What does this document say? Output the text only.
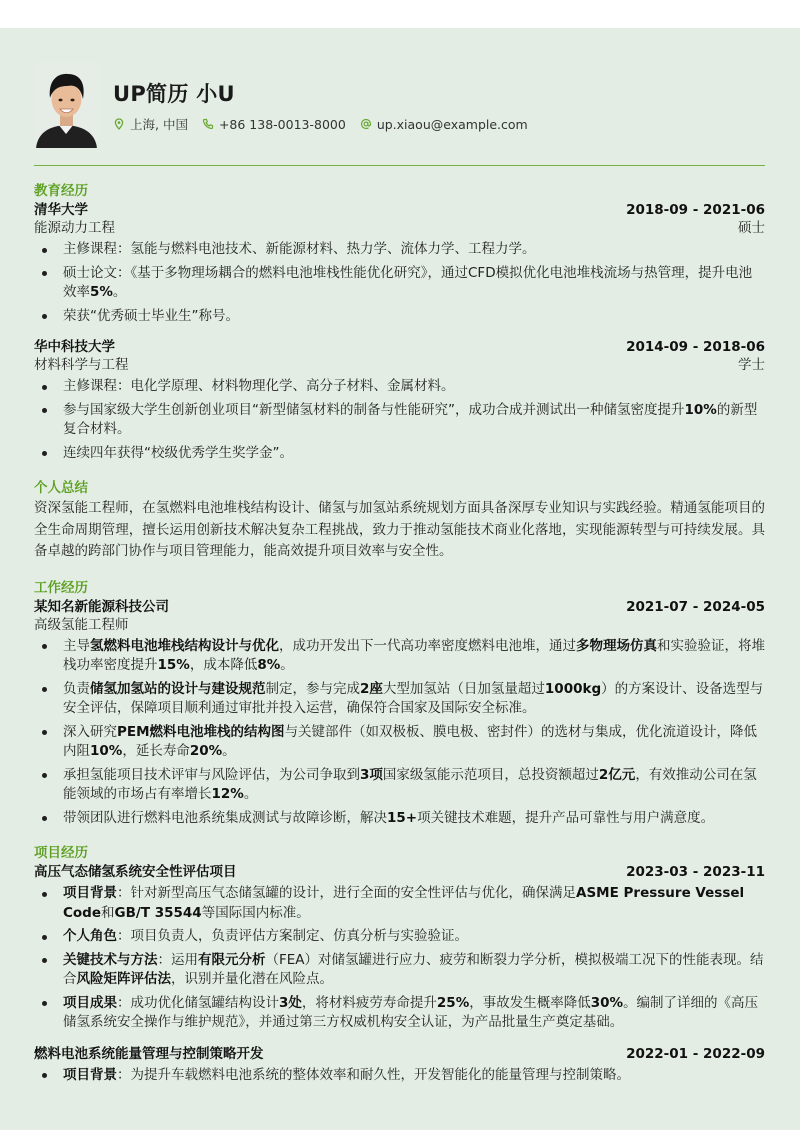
UP简历 小U
上海, 中国 +86 138-0013-8000 up.xiaou@example.com
教育经历
清华大学	2018-09 - 2021-06
能源动力工程	硕士
主修课程：氢能与燃料电池技术、新能源材料、热力学、流体力学、工程力学。
硕士论文：《基于多物理场耦合的燃料电池堆栈性能优化研究》，通过CFD模拟优化电池堆栈流场与热管理，提升电池效率5%。
荣获“优秀硕士毕业生”称号。
华中科技大学	2014-09 - 2018-06
材料科学与工程	学士
主修课程：电化学原理、材料物理化学、高分子材料、金属材料。
参与国家级大学生创新创业项目“新型储氢材料的制备与性能研究”，成功合成并测试出一种储氢密度提升10%的新型复合材料。
连续四年获得“校级优秀学生奖学金”。
个人总结
资深氢能工程师，在氢燃料电池堆栈结构设计、储氢与加氢站系统规划方面具备深厚专业知识与实践经验。精通氢能项目的全生命周期管理，擅长运用创新技术解决复杂工程挑战，致力于推动氢能技术商业化落地，实现能源转型与可持续发展。具备卓越的跨部门协作与项目管理能力，能高效提升项目效率与安全性。
工作经历
某知名新能源科技公司	2021-07 - 2024-05
高级氢能工程师
主导氢燃料电池堆栈结构设计与优化，成功开发出下一代高功率密度燃料电池堆，通过多物理场仿真和实验验证，将堆栈功率密度提升15%，成本降低8%。
负责储氢加氢站的设计与建设规范制定，参与完成2座大型加氢站（日加氢量超过1000kg）的方案设计、设备选型与安全评估，保障项目顺利通过审批并投入运营，确保符合国家及国际安全标准。
深入研究PEM燃料电池堆栈的结构图与关键部件（如双极板、膜电极、密封件）的选材与集成，优化流道设计，降低内阻10%，延长寿命20%。
承担氢能项目技术评审与风险评估，为公司争取到3项国家级氢能示范项目，总投资额超过2亿元，有效推动公司在氢能领域的市场占有率增长12%。
带领团队进行燃料电池系统集成测试与故障诊断，解决15+项关键技术难题，提升产品可靠性与用户满意度。
项目经历
高压气态储氢系统安全性评估项目	2023-03 - 2023-11
项目背景：针对新型高压气态储氢罐的设计，进行全面的安全性评估与优化，确保满足ASME Pressure Vessel Code和GB/T 35544等国际国内标准。
个人角色：项目负责人，负责评估方案制定、仿真分析与实验验证。
关键技术与方法：运用有限元分析（FEA）对储氢罐进行应力、疲劳和断裂力学分析，模拟极端工况下的性能表现。结合风险矩阵评估法，识别并量化潜在风险点。
项目成果：成功优化储氢罐结构设计3处，将材料疲劳寿命提升25%，事故发生概率降低30%。编制了详细的《高压储氢系统安全操作与维护规范》，并通过第三方权威机构安全认证，为产品批量生产奠定基础。
燃料电池系统能量管理与控制策略开发	2022-01 - 2022-09
项目背景：为提升车载燃料电池系统的整体效率和耐久性，开发智能化的能量管理与控制策略。
